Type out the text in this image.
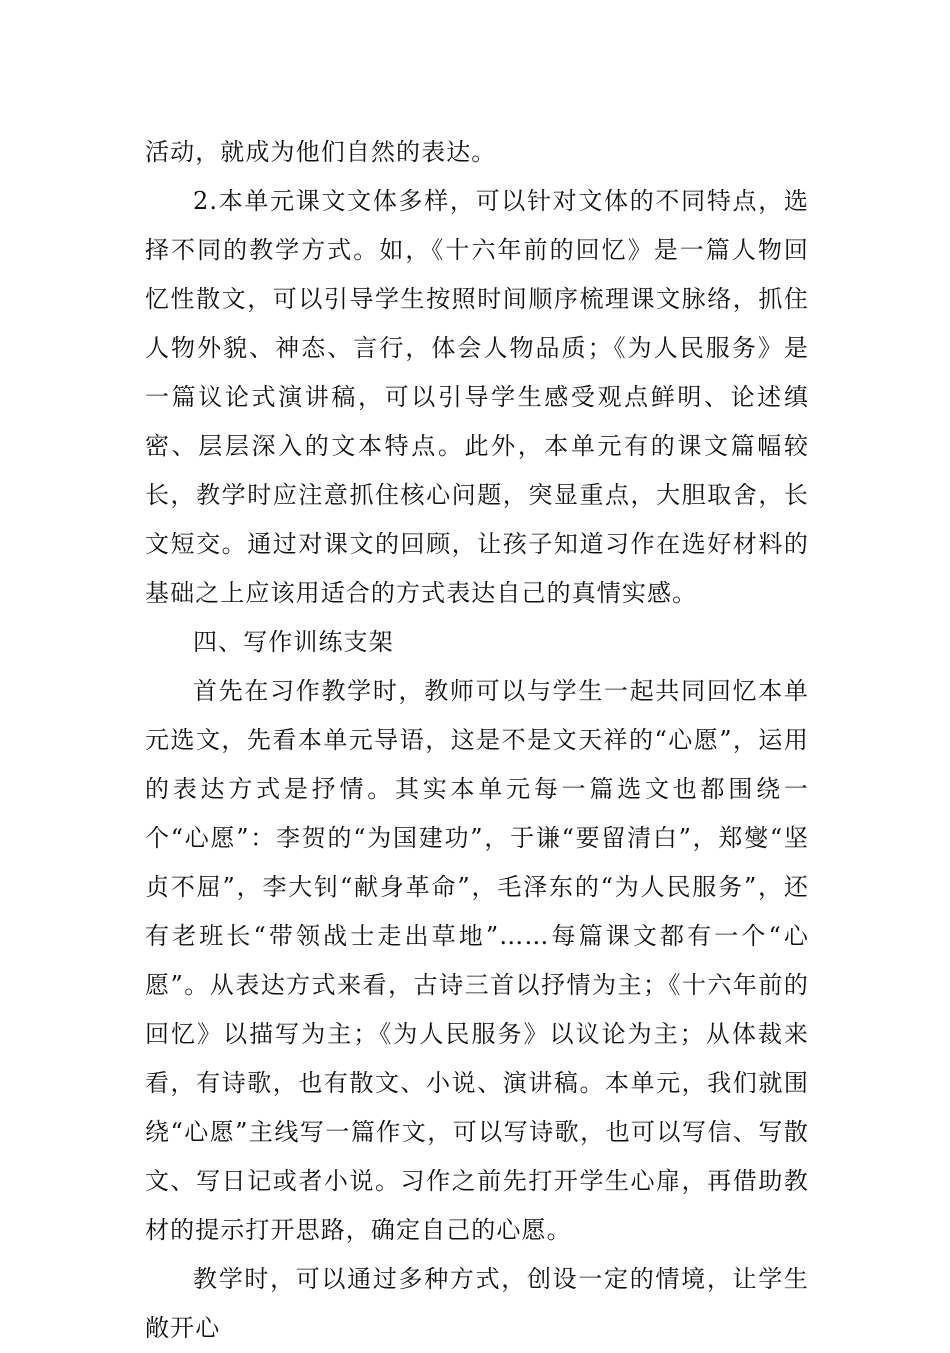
活动，就成为他们自然的表达。

2.本单元课文文体多样，可以针对文体的不同特点，选择不同的教学方式。如，《十六年前的回忆》是一篇人物回忆性散文，可以引导学生按照时间顺序梳理课文脉络，抓住人物外貌、神态、言行，体会人物品质；《为人民服务》是一篇议论式演讲稿，可以引导学生感受观点鲜明、论述缜密、层层深入的文本特点。此外，本单元有的课文篇幅较长，教学时应注意抓住核心问题，突显重点，大胆取舍，长文短交。通过对课文的回顾，让孩子知道习作在选好材料的基础之上应该用适合的方式表达自己的真情实感。

四、写作训练支架

首先在习作教学时，教师可以与学生一起共同回忆本单元选文，先看本单元导语，这是不是文天祥的“心愿”，运用的表达方式是抒情。其实本单元每一篇选文也都围绕一个“心愿”：李贺的“为国建功”，于谦“要留清白”，郑燮“坚贞不屈”，李大钊“献身革命”，毛泽东的“为人民服务”，还有老班长“带领战士走出草地”……每篇课文都有一个“心愿”。从表达方式来看，古诗三首以抒情为主；《十六年前的回忆》以描写为主；《为人民服务》以议论为主；从体裁来看，有诗歌，也有散文、小说、演讲稿。本单元，我们就围绕“心愿”主线写一篇作文，可以写诗歌，也可以写信、写散文、写日记或者小说。习作之前先打开学生心扉，再借助教材的提示打开思路，确定自己的心愿。

教学时，可以通过多种方式，创设一定的情境，让学生敞开心
